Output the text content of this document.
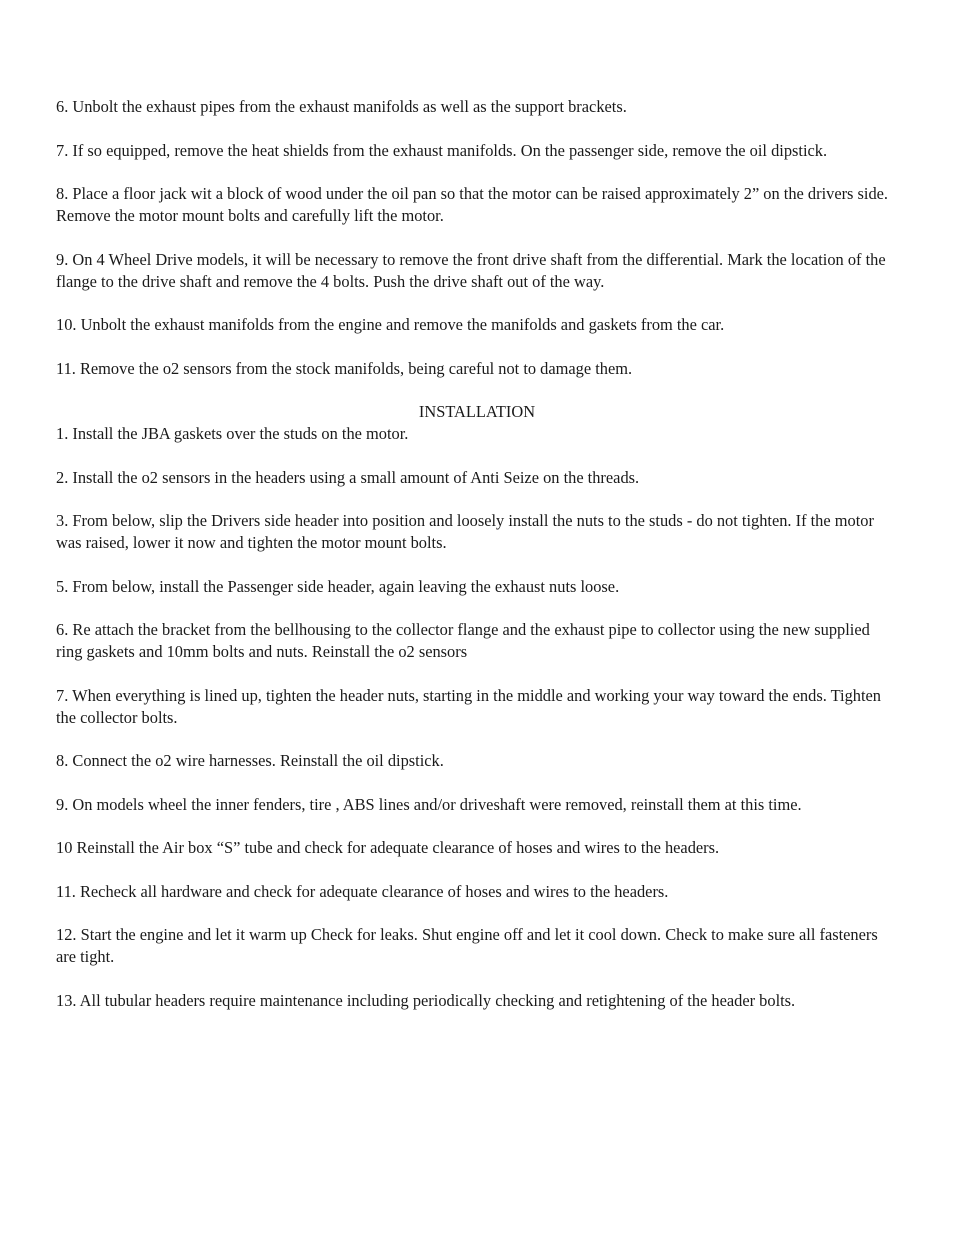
6. Unbolt the exhaust pipes from the exhaust manifolds as well as the support brackets.

7. If so equipped, remove the heat shields from the exhaust manifolds. On the passenger side, remove the oil dipstick.

8. Place a floor jack wit a block of wood under the oil pan so that the motor can be raised approximately 2” on the drivers side. Remove the motor mount bolts and carefully lift the motor.

9. On 4 Wheel Drive models, it will be necessary to remove the front drive shaft from the differential. Mark the location of the flange to the drive shaft and remove the 4 bolts. Push the drive shaft out of the way.

10. Unbolt the exhaust manifolds from the engine and remove the manifolds and gaskets from the car.

11. Remove the o2 sensors from the stock manifolds, being careful not to damage them.

INSTALLATION

1. Install the JBA gaskets over the studs on the motor.

2. Install the o2 sensors in the headers using a small amount of Anti Seize on the threads.

3. From below, slip the Drivers side header into position and loosely install the nuts to the studs - do not tighten. If the motor was raised, lower it now and tighten the motor mount bolts.

5. From below, install the Passenger side header, again leaving the exhaust nuts loose.

6. Re attach the bracket from the bellhousing to the collector flange and the exhaust pipe to collector using the new supplied ring gaskets and 10mm bolts and nuts. Reinstall the o2 sensors

7. When everything is lined up, tighten the header nuts, starting in the middle and working your way toward the ends. Tighten the collector bolts.

8. Connect the o2 wire harnesses. Reinstall the oil dipstick.

9. On models wheel the inner fenders, tire , ABS lines and/or driveshaft were removed, reinstall them at this time.

10 Reinstall the Air box “S” tube and check for adequate clearance of hoses and wires to the headers.

11. Recheck all hardware and check for adequate clearance of hoses and wires to the headers.

12. Start the engine and let it warm up Check for leaks. Shut engine off and let it cool down. Check to make sure all fasteners are tight.

13. All tubular headers require maintenance including periodically checking and retightening of the header bolts.
